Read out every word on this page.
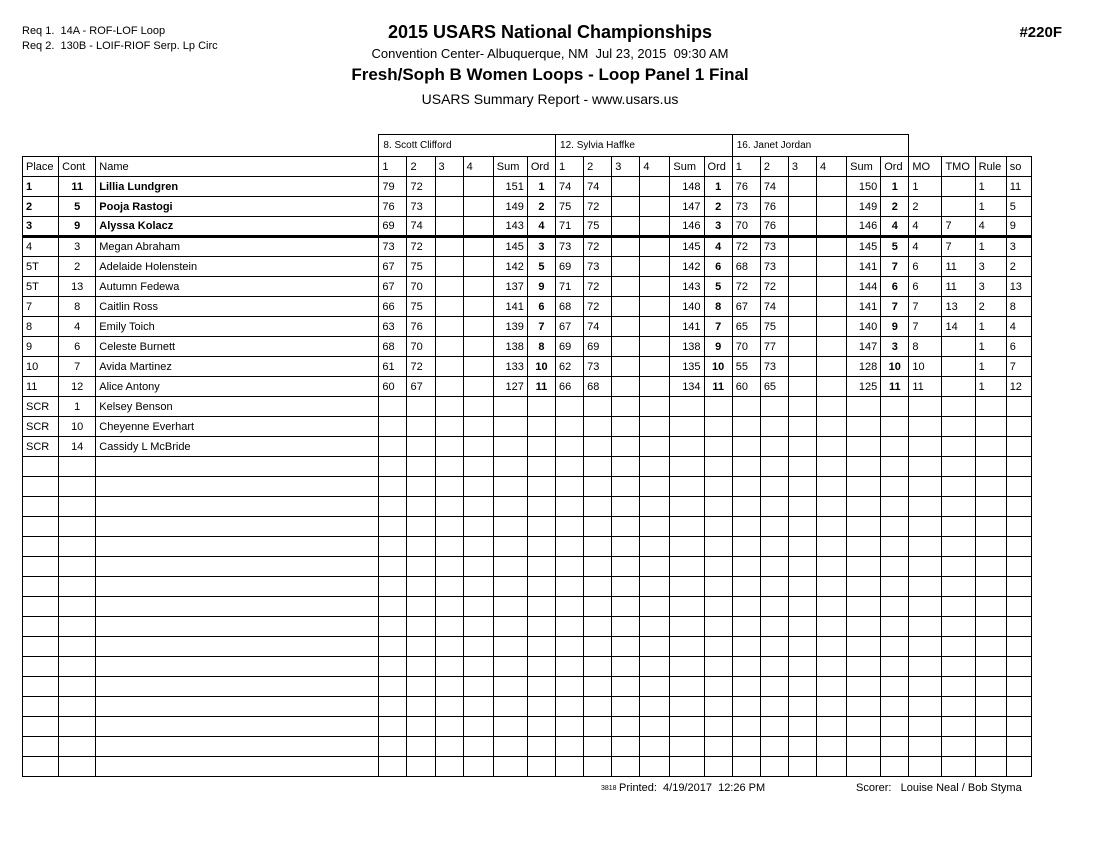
Req 1.  14A - ROF-LOF Loop
Req 2.  130B - LOIF-RIOF Serp. Lp Circ
2015 USARS National Championships
Convention Center- Albuquerque, NM  Jul 23, 2015  09:30 AM
Fresh/Soph B Women Loops - Loop Panel 1 Final
USARS Summary Report - www.usars.us
#220F
			8. Scott Clifford						12. Sylvia Haffke						16. Janet Jordan									
Place	Cont	Name	1	2	3	4	Sum	Ord	1	2	3	4	Sum	Ord	1	2	3	4	Sum	Ord	MO	TMO	Rule	so
1	11	Lillia Lundgren	79	72			151	1	74	74			148	1	76	74			150	1	1		1	11
2	5	Pooja Rastogi	76	73			149	2	75	72			147	2	73	76			149	2	2		1	5
3	9	Alyssa Kolacz	69	74			143	4	71	75			146	3	70	76			146	4	4	7	4	9
4	3	Megan Abraham	73	72			145	3	73	72			145	4	72	73			145	5	4	7	1	3
5T	2	Adelaide Holenstein	67	75			142	5	69	73			142	6	68	73			141	7	6	11	3	2
5T	13	Autumn Fedewa	67	70			137	9	71	72			143	5	72	72			144	6	6	11	3	13
7	8	Caitlin Ross	66	75			141	6	68	72			140	8	67	74			141	7	7	13	2	8
8	4	Emily Toich	63	76			139	7	67	74			141	7	65	75			140	9	7	14	1	4
9	6	Celeste Burnett	68	70			138	8	69	69			138	9	70	77			147	3	8		1	6
10	7	Avida Martinez	61	72			133	10	62	73			135	10	55	73			128	10	10		1	7
11	12	Alice Antony	60	67			127	11	66	68			134	11	60	65			125	11	11		1	12
SCR	1	Kelsey Benson																						
SCR	10	Cheyenne Everhart																						
SCR	14	Cassidy L McBride																						

3818 Printed:  4/19/2017  12:26 PM	Scorer:   Louise Neal / Bob Styma
